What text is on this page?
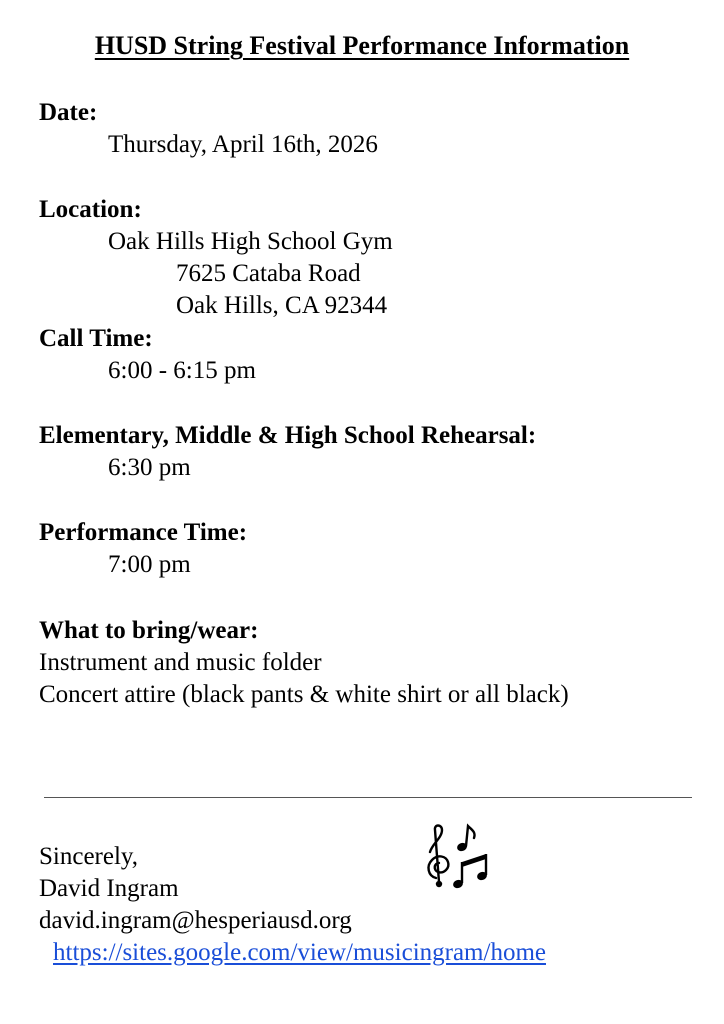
HUSD String Festival Performance Information
Date:
Thursday, April 16th, 2026
Location:
Oak Hills High School Gym
7625 Cataba Road
Oak Hills, CA 92344
Call Time:
6:00 - 6:15 pm
Elementary, Middle & High School Rehearsal:
6:30 pm
Performance Time:
7:00 pm
What to bring/wear:
Instrument and music folder
Concert attire (black pants & white shirt or all black)
Sincerely,
David Ingram
david.ingram@hesperiausd.org
https://sites.google.com/view/musicingram/home
